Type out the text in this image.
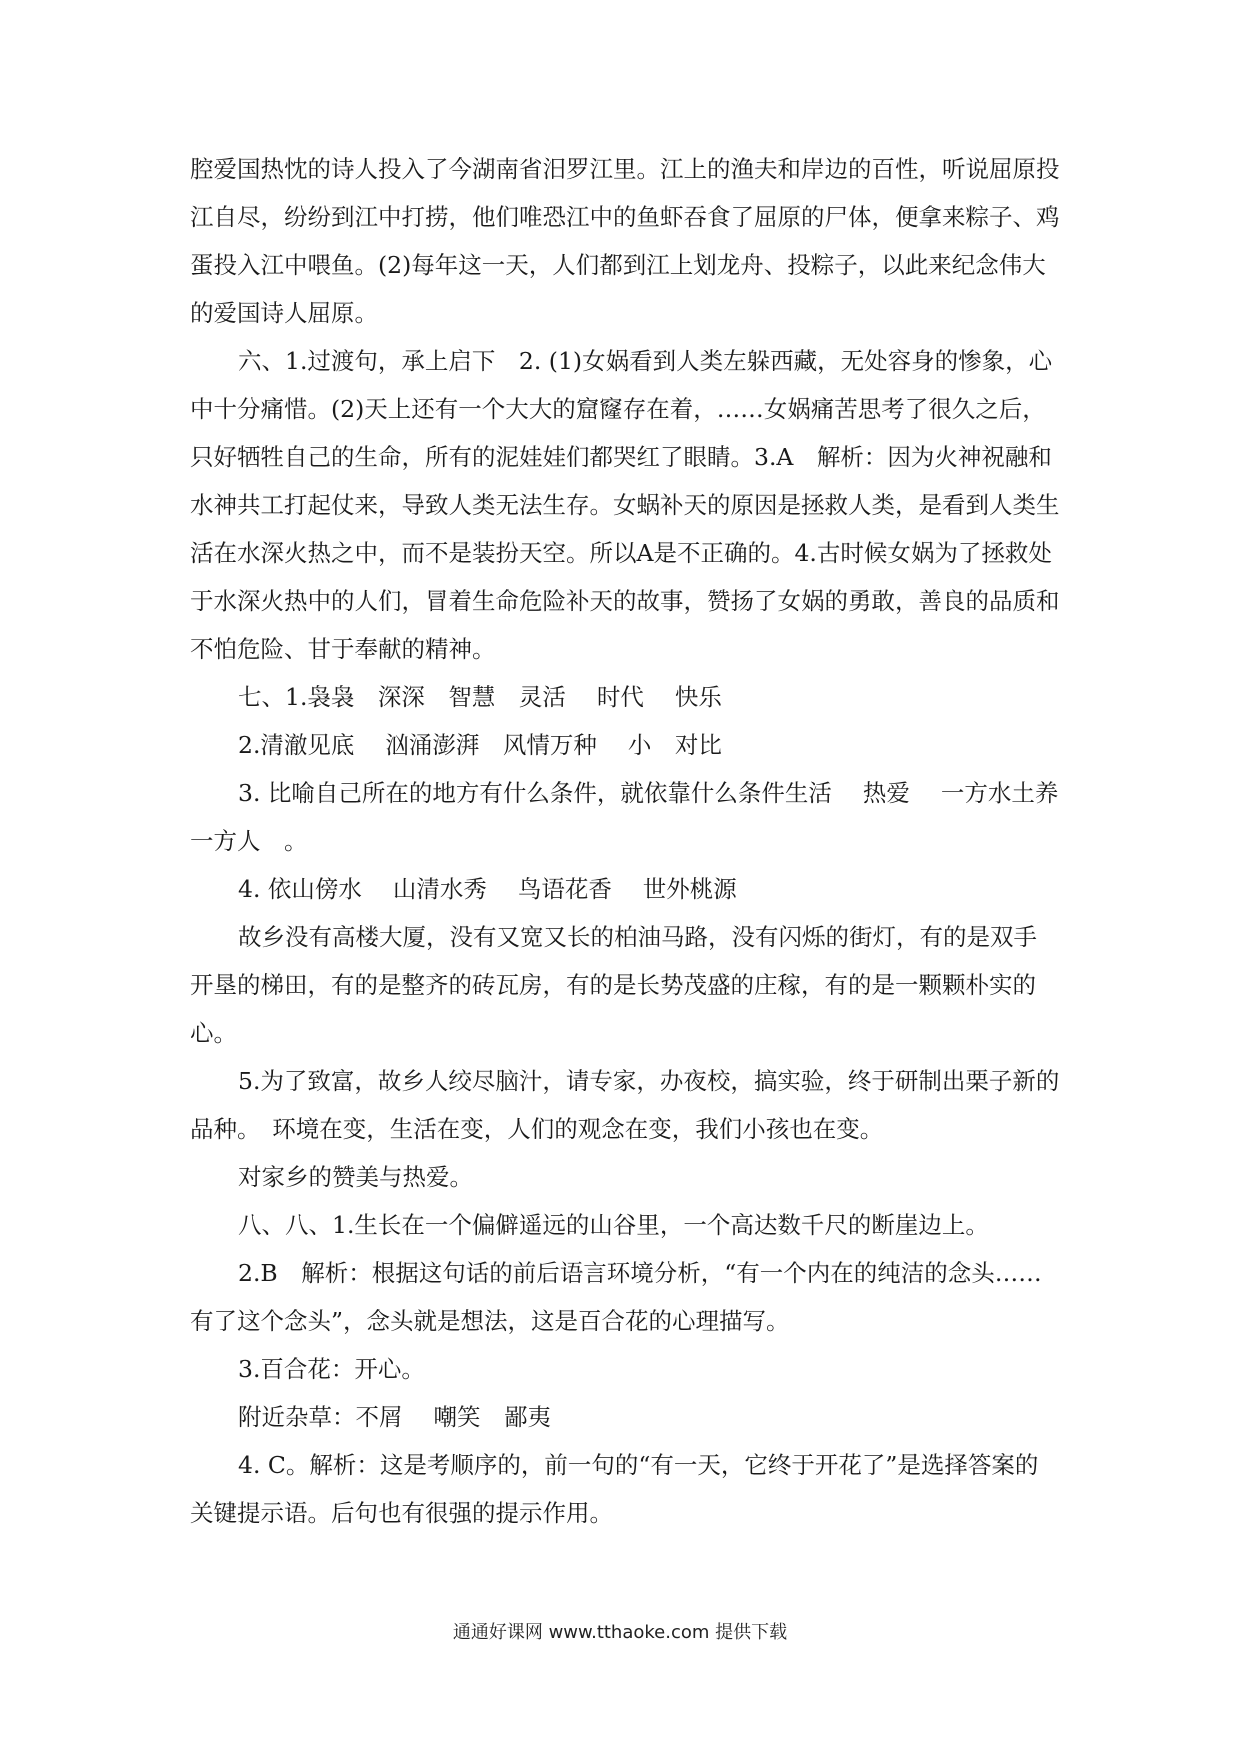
腔爱国热忱的诗人投入了今湖南省汨罗江里。江上的渔夫和岸边的百性，听说屈原投江自尽，纷纷到江中打捞，他们唯恐江中的鱼虾吞食了屈原的尸体，便拿来粽子、鸡蛋投入江中喂鱼。(2)每年这一天，人们都到江上划龙舟、投粽子，以此来纪念伟大的爱国诗人屈原。

六、1.过渡句，承上启下　2. (1)女娲看到人类左躲西藏，无处容身的惨象，心中十分痛惜。(2)天上还有一个大大的窟窿存在着，……女娲痛苦思考了很久之后，只好牺牲自己的生命，所有的泥娃娃们都哭红了眼睛。3.A　解析：因为火神祝融和水神共工打起仗来，导致人类无法生存。女蜗补天的原因是拯救人类，是看到人类生活在水深火热之中，而不是装扮天空。所以A是不正确的。4.古时候女娲为了拯救处于水深火热中的人们，冒着生命危险补天的故事，赞扬了女娲的勇敢，善良的品质和不怕危险、甘于奉献的精神。

七、1.袅袅　深深　智慧　灵活　 时代　 快乐

2.清澈见底　 汹涌澎湃　风情万种　 小　对比

3. 比喻自己所在的地方有什么条件，就依靠什么条件生活　 热爱　 一方水土养一方人　。

4. 依山傍水　 山清水秀　 鸟语花香　 世外桃源

故乡没有高楼大厦，没有又宽又长的柏油马路，没有闪烁的街灯，有的是双手开垦的梯田，有的是整齐的砖瓦房，有的是长势茂盛的庄稼，有的是一颗颗朴实的心。

5.为了致富，故乡人绞尽脑汁，请专家，办夜校，搞实验，终于研制出栗子新的品种。　环境在变，生活在变，人们的观念在变，我们小孩也在变。

对家乡的赞美与热爱。

八、八、1.生长在一个偏僻遥远的山谷里，一个高达数千尺的断崖边上。

2.B　解析：根据这句话的前后语言环境分析，“有一个内在的纯洁的念头……有了这个念头”，念头就是想法，这是百合花的心理描写。

3.百合花：开心。

附近杂草：不屑　 嘲笑　鄙夷

4. C。解析：这是考顺序的，前一句的“有一天，它终于开花了”是选择答案的关键提示语。后句也有很强的提示作用。

通通好课网 www.tthaoke.com 提供下载
